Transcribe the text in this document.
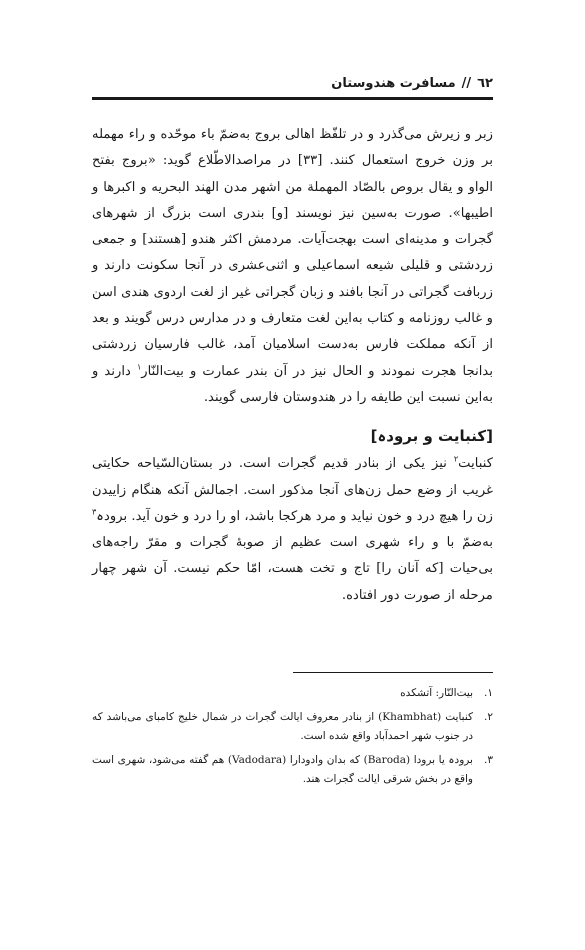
٦٢
//
مسافرت هندوستان

زبر و زیرش می‌گذرد و در تلفّظ اهالی بروج به‌ضمّ باء موحّده و راء مهمله بر وزن خروج استعمال کنند. [۳۳] در مراصدالاطّلاع گوید: «بروج بفتح الواو و يقال بروص بالصّاد المهملة من اشهر مدن الهند البحريه و اكبرها و اطيبها». صورت به‌سین نیز نویسند [و] بندری است بزرگ از شهرهای گجرات و مدینه‌ای است بهجت‌آیات. مردمش اکثر هندو [هستند] و جمعی زردشتی و قلیلی شیعه اسماعیلی و اثنی‌عشری در آنجا سکونت دارند و زربافت گجراتی در آنجا بافند و زبان گجراتی غیر از لغت اردوی هندی اسن و غالب روزنامه و کتاب به‌این لغت متعارف و در مدارس درس گویند و بعد از آنکه مملکت فارس به‌دست اسلامیان آمد، غالب فارسیان زردشتی بدانجا هجرت نمودند و الحال نیز در آن بندر عمارت و بیت‌النّار$^۱$ دارند و به‌این نسبت این طایفه را در هندوستان فارسی گویند.

[کنبایت و برودہ]

کنبایت$^۲$ نیز یکی از بنادر قدیم گجرات است. در بستان‌السّیاحه حکایتی غریب از وضع حمل زن‌های آنجا مذکور است. اجمالش آنکه هنگام زاییدن زن را هیچ درد و خون نیاید و مرد هرکجا باشد، او را درد و خون آید. برودہ$^۳$ به‌ضمّ با و راء شهری است عظیم از صوبهٔ گجرات و مقرّ راجه‌های بی‌حیات [که آنان را] تاج و تخت هست، امّا حکم نیست. آن شهر چهار مرحله از صورت دور افتاده.

۱.
بیت‌النّار: آتشکده
۲.
کنبایت (Khambhat) از بنادر معروف ایالت گجرات در شمال خلیج کامبای می‌باشد که در جنوب شهر احمدآباد واقع شده است.
۳.
برودہ یا برودا (Baroda) که بدان وادودارا (Vadodara) هم گفته می‌شود، شهری است واقع در بخش شرقی ایالت گجرات هند.
